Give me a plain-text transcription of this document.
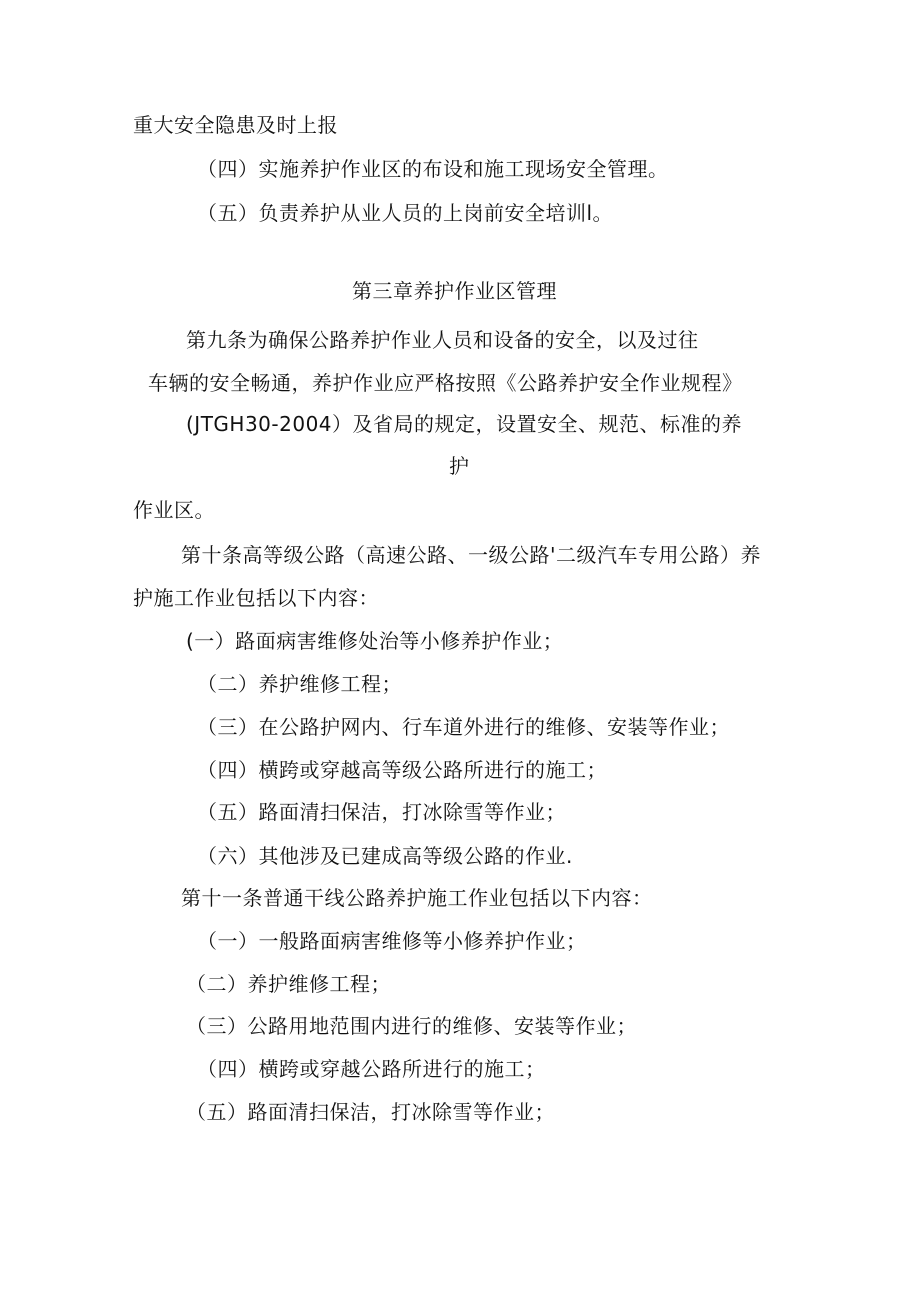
重大安全隐患及时上报
（四）实施养护作业区的布设和施工现场安全管理。
（五）负责养护从业人员的上岗前安全培训l。
第三章养护作业区管理
第九条为确保公路养护作业人员和设备的安全，以及过往
车辆的安全畅通，养护作业应严格按照《公路养护安全作业规程》
(JTGH30-2004）及省局的规定，设置安全、规范、标准的养
护
作业区。
第十条高等级公路（高速公路、一级公路'二级汽车专用公路）养
护施工作业包括以下内容：
(一）路面病害维修处治等小修养护作业；
（二）养护维修工程；
（三）在公路护网内、行车道外进行的维修、安装等作业；
（四）横跨或穿越高等级公路所进行的施工；
（五）路面清扫保洁，打冰除雪等作业；
（六）其他涉及已建成高等级公路的作业.
第十一条普通干线公路养护施工作业包括以下内容：
（一）一般路面病害维修等小修养护作业；
（二）养护维修工程；
（三）公路用地范围内进行的维修、安装等作业；
（四）横跨或穿越公路所进行的施工；
（五）路面清扫保洁，打冰除雪等作业；
